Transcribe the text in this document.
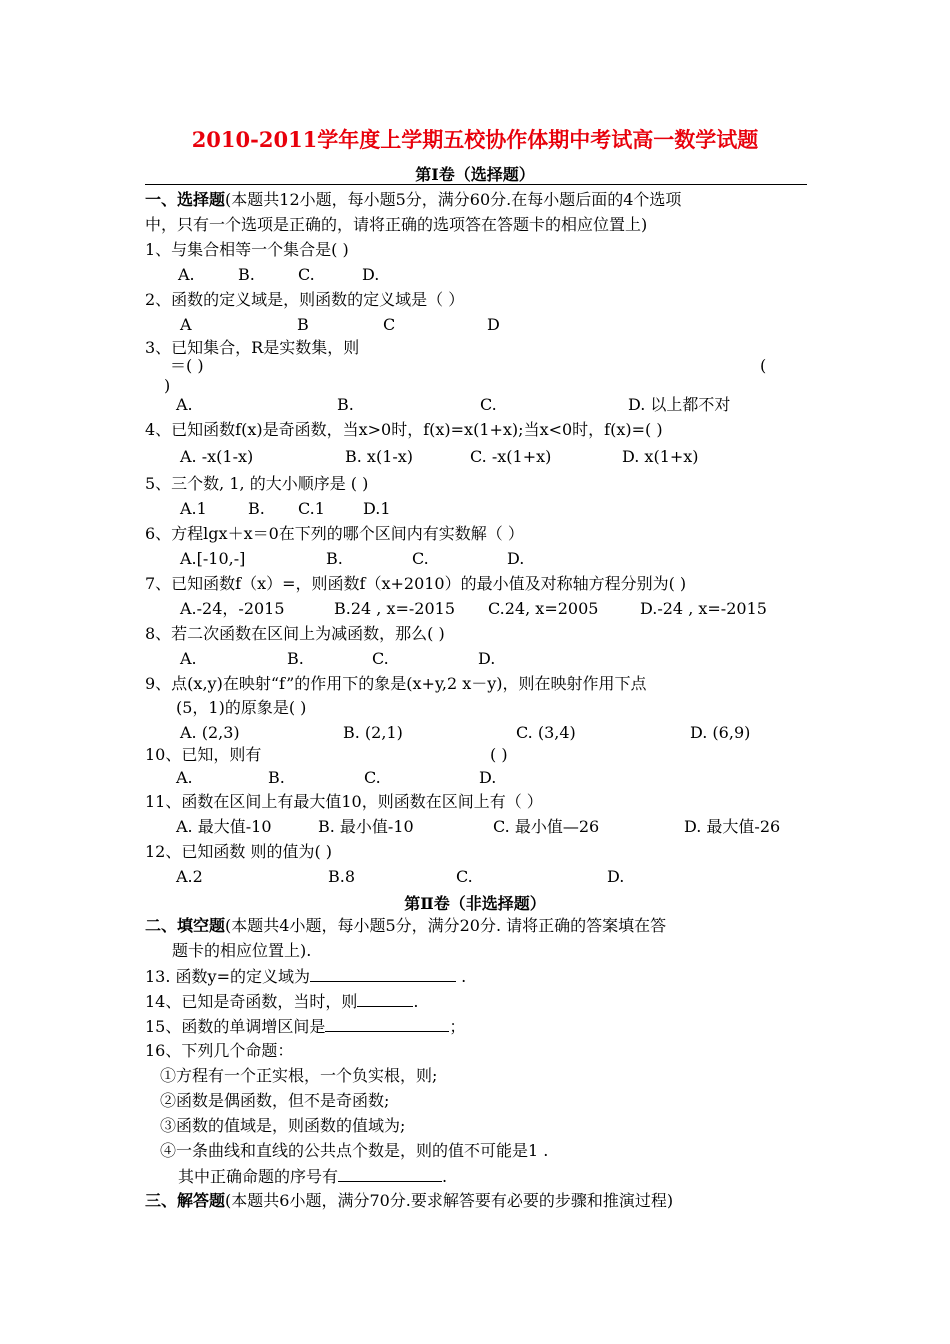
2010-2011学年度上学期五校协作体期中考试高一数学试题
第Ⅰ卷（选择题）
一、选择题(本题共12小题，每小题5分，满分60分.在每小题后面的4个选项
中，只有一个选项是正确的，请将正确的选项答在答题卡的相应位置上)
1、与集合相等一个集合是( )
A.	B.	C.	D.
2、函数的定义域是，则函数的定义域是（ ）
A	B	C	D
3、已知集合，R是实数集，则
(
＝( )
)
A.	B.	C.	D. 以上都不对
4、已知函数f(x)是奇函数，当x>0时，f(x)=x(1+x);当x<0时，f(x)=( )
A. -x(1-x)	B. x(1-x)	C. -x(1+x)	D. x(1+x)
5、三个数, 1, 的大小顺序是 ( )
A.1	B. C.1 D.1
6、方程lgx＋x＝0在下列的哪个区间内有实数解（ ）
A.[-10,-]	B.	C.	D.
7、已知函数f（x）=，则函数f（x+2010）的最小值及对称轴方程分别为( )
A.-24，-2015	B.24 , x=-2015 C.24, x=2005	D.-24 , x=-2015
8、若二次函数在区间上为减函数，那么( )
A.	B.	C.	D.
9、点(x,y)在映射“f”的作用下的象是(x+y,2 x－y)，则在映射作用下点
(5，1)的原象是( )
A. (2,3)	B. (2,1)	C. (3,4)	D. (6,9)
10、已知，则有	( )
A.	B.	C.	D.
11、函数在区间上有最大值10，则函数在区间上有（ ）
A. 最大值-10	B. 最小值-10	C. 最小值—26	D. 最大值-26
12、已知函数 则的值为( )
A.2	B.8	C.	D.
第Ⅱ卷（非选择题）
二、填空题(本题共4小题，每小题5分，满分20分. 请将正确的答案填在答
题卡的相应位置上).
13. 函数y=的定义域为	.
14、已知是奇函数，当时，则	.
15、函数的单调增区间是	；
16、下列几个命题：
①方程有一个正实根，一个负实根，则;
②函数是偶函数，但不是奇函数;
③函数的值域是，则函数的值域为;
④一条曲线和直线的公共点个数是，则的值不可能是1 .
其中正确命题的序号有	.
三、解答题(本题共6小题，满分70分.要求解答要有必要的步骤和推演过程)
